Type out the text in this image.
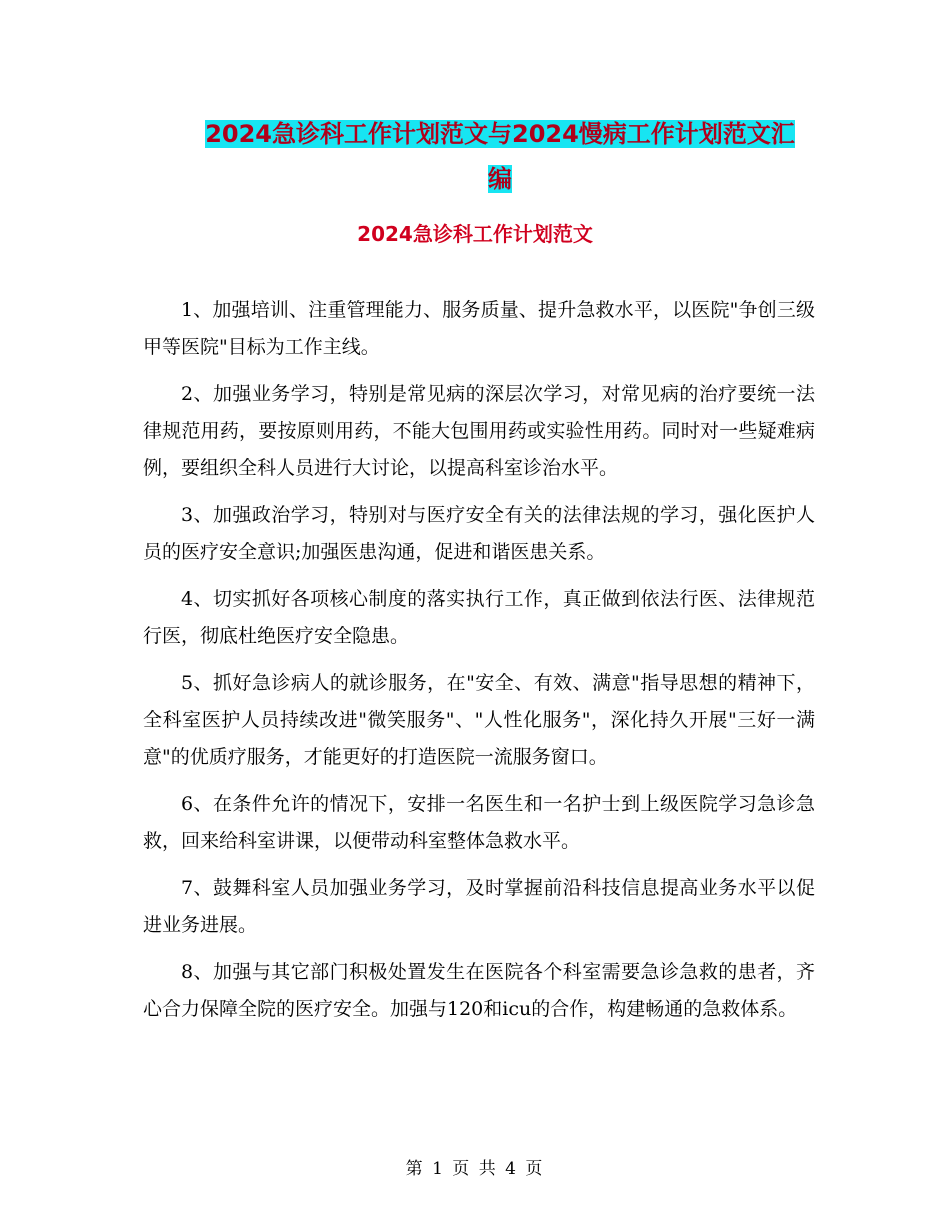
2024急诊科工作计划范文与2024慢病工作计划范文汇
编
2024急诊科工作计划范文

1、加强培训、注重管理能力、服务质量、提升急救水平，以医院"争创三级甲等医院"目标为工作主线。

2、加强业务学习，特别是常见病的深层次学习，对常见病的治疗要统一法律规范用药，要按原则用药，不能大包围用药或实验性用药。同时对一些疑难病例，要组织全科人员进行大讨论，以提高科室诊治水平。

3、加强政治学习，特别对与医疗安全有关的法律法规的学习，强化医护人员的医疗安全意识;加强医患沟通，促进和谐医患关系。

4、切实抓好各项核心制度的落实执行工作，真正做到依法行医、法律规范行医，彻底杜绝医疗安全隐患。

5、抓好急诊病人的就诊服务，在"安全、有效、满意"指导思想的精神下，全科室医护人员持续改进"微笑服务"、"人性化服务"，深化持久开展"三好一满意"的优质疗服务，才能更好的打造医院一流服务窗口。

6、在条件允许的情况下，安排一名医生和一名护士到上级医院学习急诊急救，回来给科室讲课，以便带动科室整体急救水平。

7、鼓舞科室人员加强业务学习，及时掌握前沿科技信息提高业务水平以促进业务进展。

8、加强与其它部门积极处置发生在医院各个科室需要急诊急救的患者，齐心合力保障全院的医疗安全。加强与120和icu的合作，构建畅通的急救体系。

第 1 页 共 4 页
